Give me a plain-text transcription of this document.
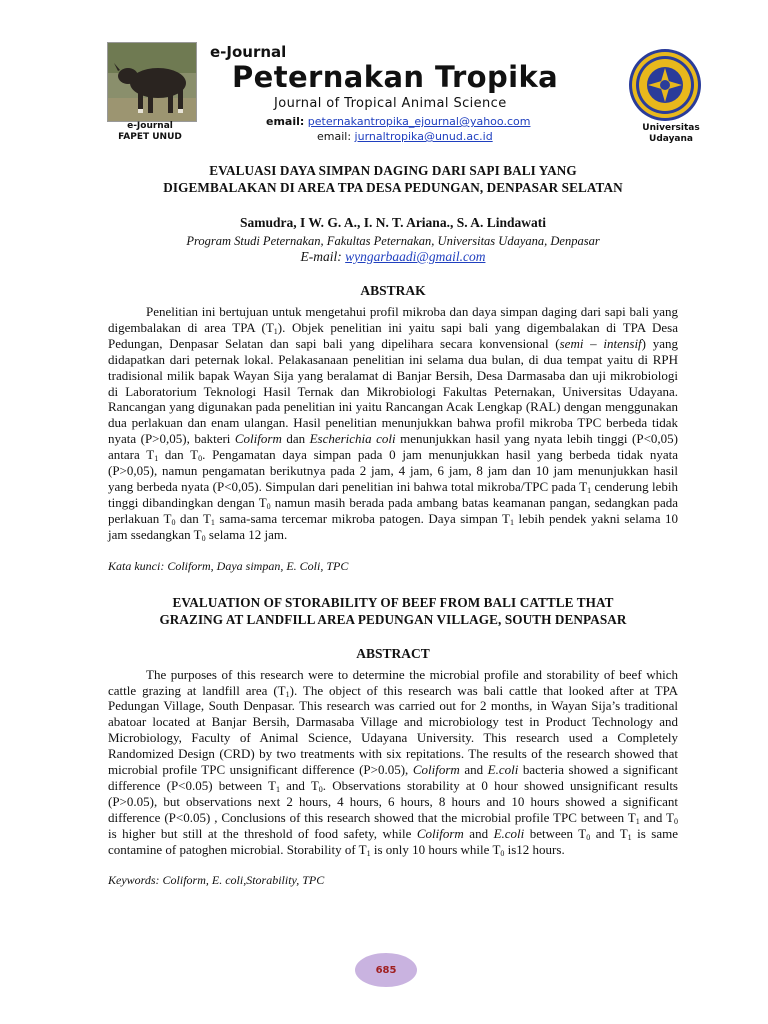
e-Journal
FAPET UNUD
e-Journal
Peternakan Tropika
Journal of Tropical Animal Science
email: peternakantropika_ejournal@yahoo.com
email: jurnaltropika@unud.ac.id
Universitas
Udayana
EVALUASI DAYA SIMPAN DAGING DARI SAPI BALI YANG
DIGEMBALAKAN DI AREA TPA DESA PEDUNGAN, DENPASAR SELATAN
Samudra, I W. G. A., I. N. T. Ariana., S. A. Lindawati
Program Studi Peternakan, Fakultas Peternakan, Universitas Udayana, Denpasar
E-mail: wyngarbaadi@gmail.com
ABSTRAK
Penelitian ini bertujuan untuk mengetahui profil mikroba dan daya simpan daging dari sapi bali yang digembalakan di area TPA $(T_1)$. Objek penelitian ini yaitu sapi bali yang digembalakan di TPA Desa Pedungan, Denpasar Selatan dan sapi bali yang dipelihara secara konvensional (semi – intensif) yang didapatkan dari peternak lokal. Pelakasanaan penelitian ini selama dua bulan, di dua tempat yaitu di RPH tradisional milik bapak Wayan Sija yang beralamat di Banjar Bersih, Desa Darmasaba dan uji mikrobiologi di Laboratorium Teknologi Hasil Ternak dan Mikrobiologi Fakultas Peternakan, Universitas Udayana. Rancangan yang digunakan pada penelitian ini yaitu Rancangan Acak Lengkap (RAL) dengan menggunakan dua perlakuan dan enam ulangan. Hasil penelitian menunjukkan bahwa profil mikroba TPC berbeda tidak nyata (P>0,05), bakteri Coliform dan Escherichia coli menunjukkan hasil yang nyata lebih tinggi (P<0,05) antara $T_1$ dan $T_0$. Pengamatan daya simpan pada 0 jam menunjukkan hasil yang berbeda tidak nyata (P>0,05), namun pengamatan berikutnya pada 2 jam, 4 jam, 6 jam, 8 jam dan 10 jam menunjukkan hasil yang berbeda nyata (P<0,05). Simpulan dari penelitian ini bahwa total mikroba/TPC pada $T_1$ cenderung lebih tinggi dibandingkan dengan $T_0$ namun masih berada pada ambang batas keamanan pangan, sedangkan pada perlakuan $T_0$ dan $T_1$ sama-sama tercemar mikroba patogen. Daya simpan $T_1$ lebih pendek yakni selama 10 jam ssedangkan $T_0$ selama 12 jam.
Kata kunci: Coliform, Daya simpan, E. Coli, TPC
EVALUATION OF STORABILITY OF BEEF FROM BALI CATTLE THAT
GRAZING AT LANDFILL AREA PEDUNGAN VILLAGE, SOUTH DENPASAR
ABSTRACT
The purposes of this research were to determine the microbial profile and storability of beef which cattle grazing at landfill area $(T_1)$. The object of this research was bali cattle that looked after at TPA Pedungan Village, South Denpasar. This research was carried out for 2 months, in Wayan Sija’s traditional abatoar located at Banjar Bersih, Darmasaba Village and microbiology test in Product Technology and Microbiology, Faculty of Animal Science, Udayana University. This research used a Completely Randomized Design (CRD) by two treatments with six repitations. The results of the research showed that microbial profile TPC unsignificant difference (P>0.05), Coliform and E.coli bacteria showed a significant difference (P<0.05) between $T_1$ and $T_0$. Observations storability at 0 hour showed unsignificant results (P>0.05), but observations next 2 hours, 4 hours, 6 hours, 8 hours and 10 hours showed a significant difference (P<0.05) , Conclusions of this research showed that the microbial profile TPC between $T_1$ and $T_0$ is higher but still at the threshold of food safety, while Coliform and E.coli between $T_0$ and $T_1$ is same contamine of patoghen microbial. Storability of $T_1$ is only 10 hours while $T_0$ is12 hours.
Keywords: Coliform, E. coli,Storability, TPC
685
